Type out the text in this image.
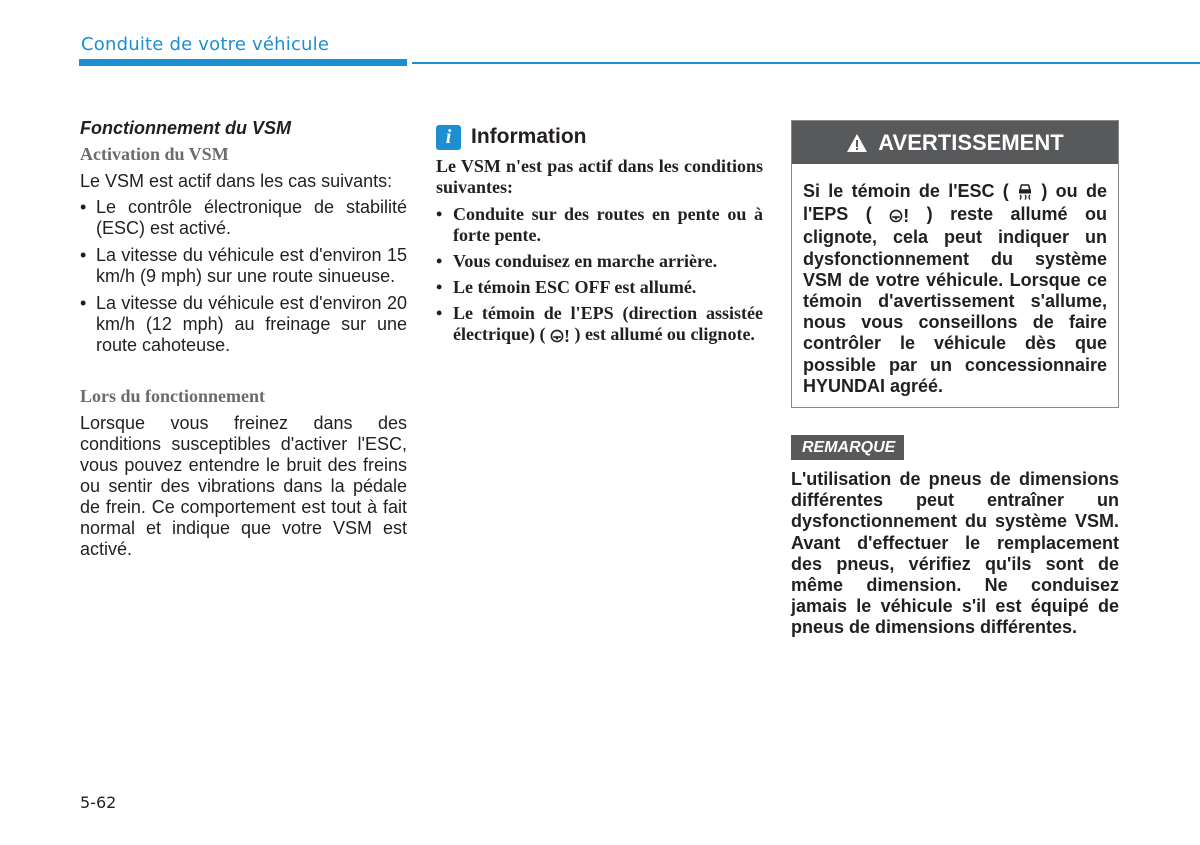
Conduite de votre véhicule
Fonctionnement du VSM
Activation du VSM

Le VSM est actif dans les cas suivants:

• Le contrôle électronique de stabilité (ESC) est activé.
• La vitesse du véhicule est d'environ 15 km/h (9 mph) sur une route sinueuse.
• La vitesse du véhicule est d'environ 20 km/h (12 mph) au freinage sur une route cahoteuse.
Lors du fonctionnement

Lorsque vous freinez dans des conditions susceptibles d'activer l'ESC, vous pouvez entendre le bruit des freins ou sentir des vibrations dans la pédale de frein. Ce comportement est tout à fait normal et indique que votre VSM est activé.

i Information

Le VSM n'est pas actif dans les conditions suivantes:

• Conduite sur des routes en pente ou à forte pente.
• Vous conduisez en marche arrière.
• Le témoin ESC OFF est allumé.
• Le témoin de l'EPS (direction assistée électrique) ( ! ) est allumé ou clignote.
AVERTISSEMENT
Si le témoin de l'ESC ( ) ou de l'EPS ( ! ) reste allumé ou clignote, cela peut indiquer un dysfonctionnement du système VSM de votre véhicule. Lorsque ce témoin d'avertissement s'allume, nous vous conseillons de faire contrôler le véhicule dès que possible par un concessionnaire HYUNDAI agréé.
REMARQUE
L'utilisation de pneus de dimensions différentes peut entraîner un dysfonctionnement du système VSM. Avant d'effectuer le remplacement des pneus, vérifiez qu'ils sont de même dimension. Ne conduisez jamais le véhicule s'il est équipé de pneus de dimensions différentes.
5-62
